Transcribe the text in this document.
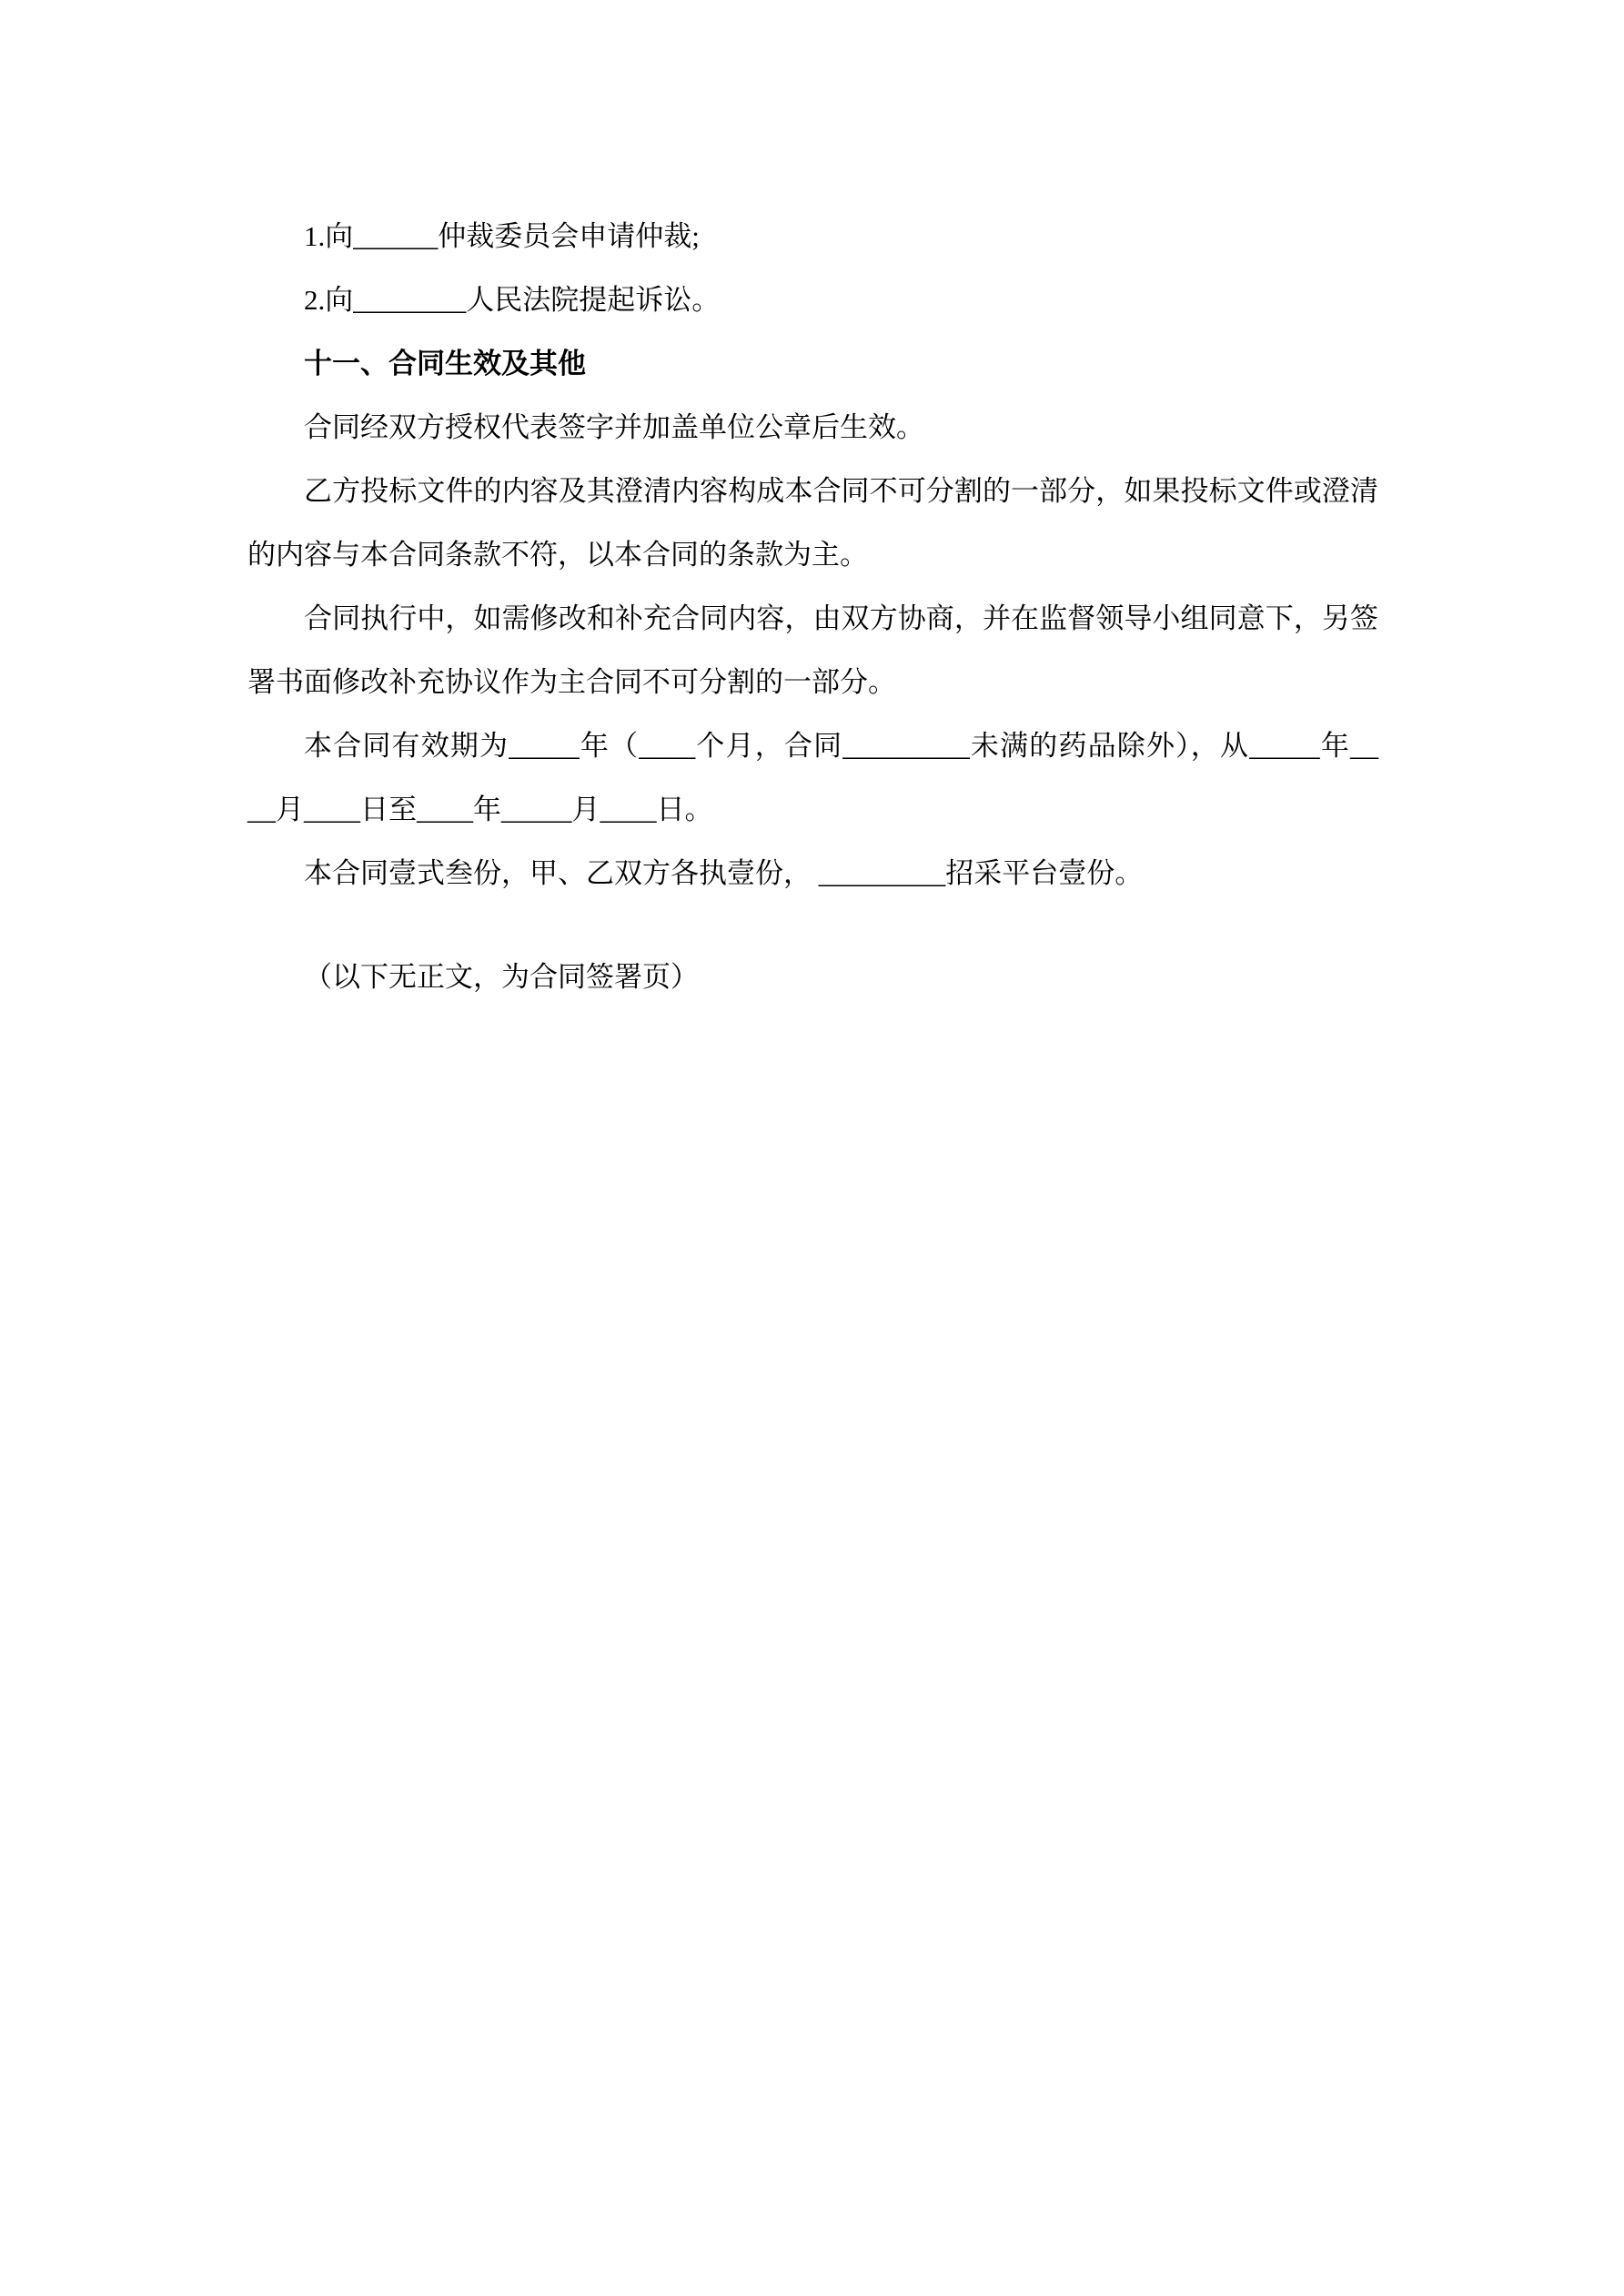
1.向______仲裁委员会申请仲裁;
2.向________人民法院提起诉讼。
十一、合同生效及其他
合同经双方授权代表签字并加盖单位公章后生效。
乙方投标文件的内容及其澄清内容构成本合同不可分割的一部分，如果投标文件或澄清
的内容与本合同条款不符，以本合同的条款为主。
合同执行中，如需修改和补充合同内容，由双方协商，并在监督领导小组同意下，另签
署书面修改补充协议作为主合同不可分割的一部分。
本合同有效期为_____年（____个月，合同_________未满的药品除外），从_____年__
__月____日至____年_____月____日。
本合同壹式叁份，甲、乙双方各执壹份， _________招采平台壹份。
（以下无正文，为合同签署页）
